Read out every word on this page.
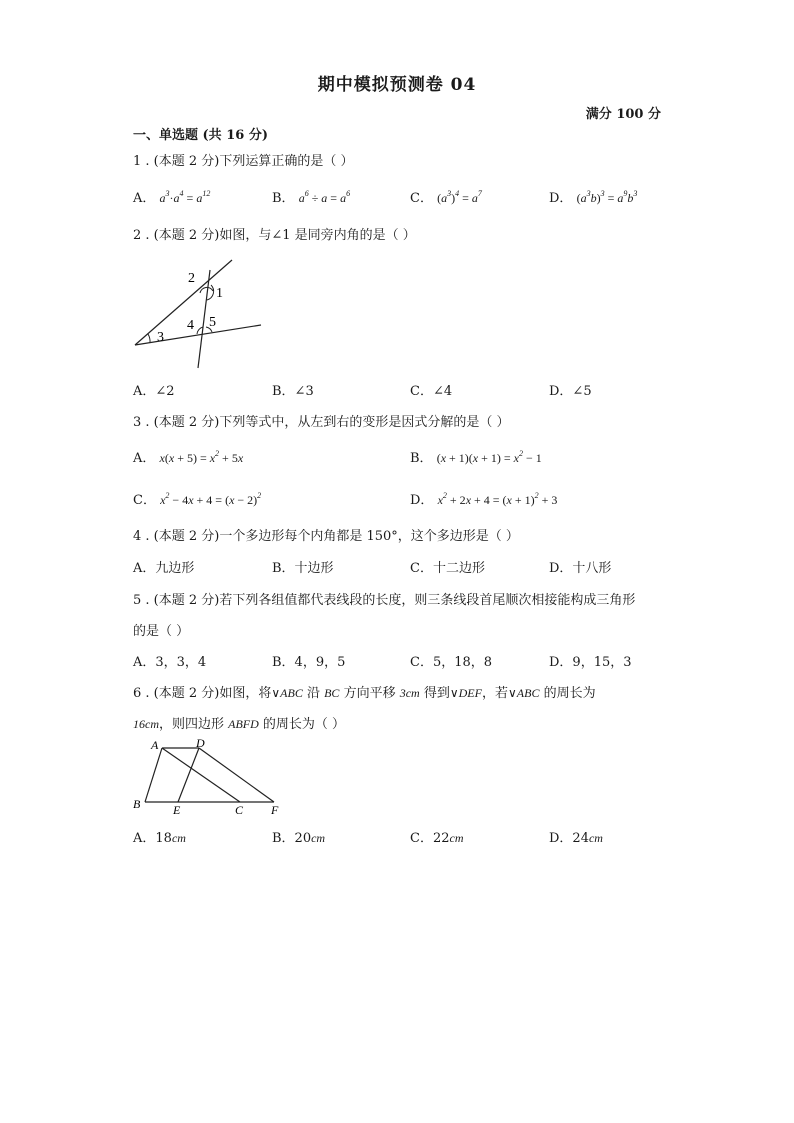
期中模拟预测卷 04
满分 100 分
一、单选题 (共 16 分)
1 . (本题 2 分)下列运算正确的是（ ）
A． $a^3\cdot a^4 = a^{12}$	B． $a^6 \div a = a^6$	C． $(a^3)^4 = a^7$	D． $(a^3b)^3 = a^9b^3$
2 . (本题 2 分)如图，与∠1 是同旁内角的是（ ）
2
1
4 5
3
A．∠2	B．∠3	C．∠4	D．∠5
3 . (本题 2 分)下列等式中，从左到右的变形是因式分解的是（ ）
A． $x(x + 5) = x^2 + 5x$	B． $(x + 1)(x + 1) = x^2 - 1$
C． $x^2 - 4x + 4 = (x - 2)^2$	D． $x^2 + 2x + 4 = (x + 1)^2 + 3$
4 . (本题 2 分)一个多边形每个内角都是 150°，这个多边形是（ ）
A．九边形	B．十边形	C．十二边形	D．十八形
5 . (本题 2 分)若下列各组值都代表线段的长度，则三条线段首尾顺次相接能构成三角形
的是（ ）
A．3，3，4	B．4，9，5	C．5，18，8	D．9，15，3
6 . (本题 2 分)如图，将∨ABC 沿 BC 方向平移 3cm 得到∨DEF，若∨ABC 的周长为
16cm，则四边形 ABFD 的周长为（ ）
A	D
B	E	C F
A．18cm	B．20cm	C．22cm	D．24cm
